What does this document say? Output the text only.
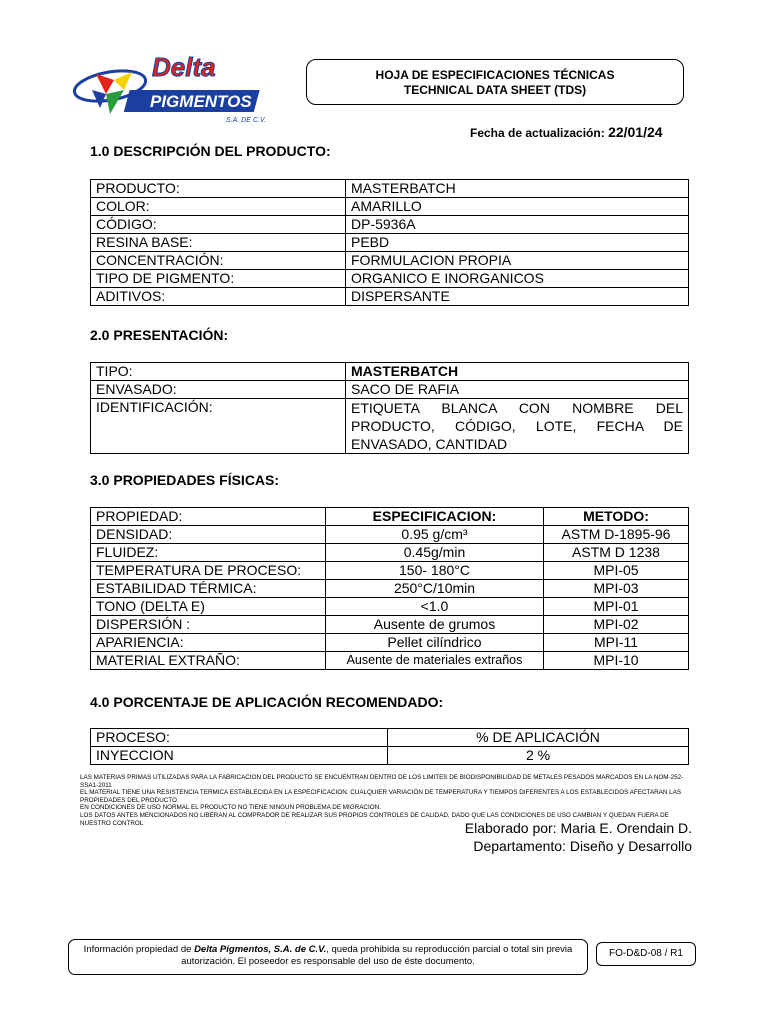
Delta
PIGMENTOS
S.A. DE C.V.
HOJA DE ESPECIFICACIONES TÉCNICAS
TECHNICAL DATA SHEET (TDS)
Fecha de actualización: 22/01/24
1.0 DESCRIPCIÓN DEL PRODUCTO:
PRODUCTO:	MASTERBATCH
COLOR:	AMARILLO
CÓDIGO:	DP-5936A
RESINA BASE:	PEBD
CONCENTRACIÓN:	FORMULACION PROPIA
TIPO DE PIGMENTO:	ORGANICO E INORGANICOS
ADITIVOS:	DISPERSANTE
2.0 PRESENTACIÓN:
TIPO:	MASTERBATCH
ENVASADO:	SACO DE RAFIA
IDENTIFICACIÓN:	ETIQUETA BLANCA CON NOMBRE DEL PRODUCTO, CÓDIGO, LOTE, FECHA DE ENVASADO, CANTIDAD
3.0 PROPIEDADES FÍSICAS:
PROPIEDAD:	ESPECIFICACION:	METODO:
DENSIDAD:	0.95 g/cm³	ASTM D-1895-96
FLUIDEZ:	0.45g/min	ASTM D 1238
TEMPERATURA DE PROCESO:	150- 180°C	MPI-05
ESTABILIDAD TÉRMICA:	250°C/10min	MPI-03
TONO (DELTA E)	<1.0	MPI-01
DISPERSIÓN :	Ausente de grumos	MPI-02
APARIENCIA:	Pellet cilíndrico	MPI-11
MATERIAL EXTRAÑO:	Ausente de materiales extraños	MPI-10
4.0 PORCENTAJE DE APLICACIÓN RECOMENDADO:
PROCESO:	% DE APLICACIÓN
INYECCION	2 %

LAS MATERIAS PRIMAS UTILIZADAS PARA LA FABRICACION DEL PRODUCTO SE ENCUENTRAN DENTRO DE LOS LIMITES DE BIODISPONIBILIDAD DE METALES PESADOS MARCADOS EN LA NOM-252-SSA1-2011

EL MATERIAL TIENE UNA RESISTENCIA TERMICA ESTABLECIDA EN LA ESPECIFICACION. CUALQUIER VARIACIÓN DE TEMPERATURA Y TIEMPOS DIFERENTES A LOS ESTABLECIDOS AFECTARAN LAS PROPIEDADES DEL PRODUCTO.

EN CONDICIONES DE USO NORMAL EL PRODUCTO NO TIENE NINGUN PROBLEMA DE MIGRACION.

LOS DATOS ANTES MENCIONADOS NO LIBERAN AL COMPRADOR DE REALIZAR SUS PROPIOS CONTROLES DE CALIDAD, DADO QUE LAS CONDICIONES DE USO CAMBIAN Y QUEDAN FUERA DE NUESTRO CONTROL	Elaborado por: Maria E. Orendain D.
Departamento: Diseño y Desarrollo
Información propiedad de Delta Pigmentos, S.A. de C.V., queda prohibida su reproducción parcial o total sin previa autorización. El poseedor es responsable del uso de éste documento.
FO-D&D-08 / R1
